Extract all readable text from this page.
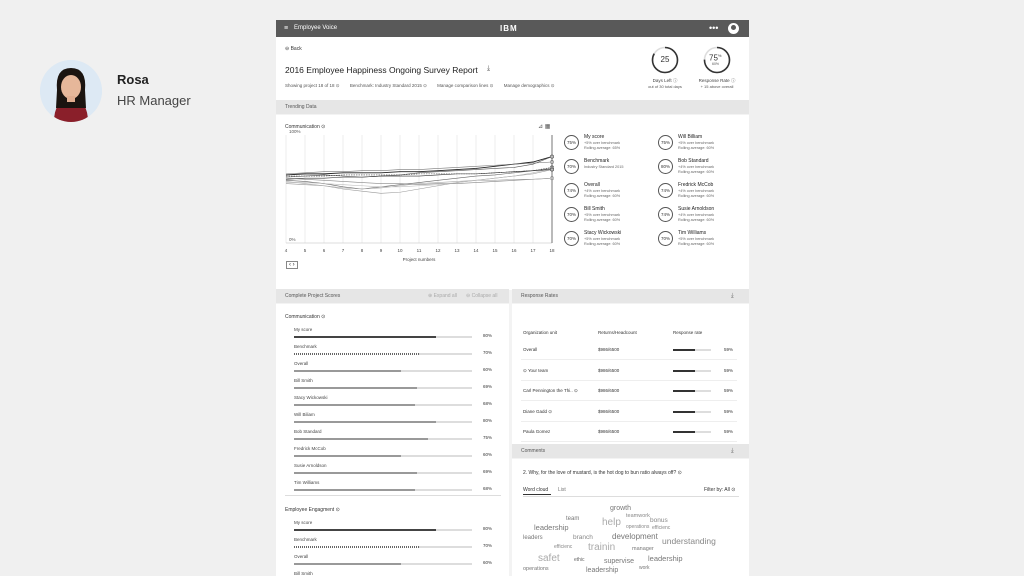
Rosa
HR Manager
≡ Employee Voice	IBM	•••
⊖ Back
2016 Employee Happiness Ongoing Survey Report ⤓
Showing project 18 of 18 ⊙ Benchmark: Industry Standard 2015 ⊙ Manage comparison lines ⊙ Manage demographics ⊙
25
Days Left ⓘ
out of 30 total days
75%
60%
Response Rate ⓘ
+ 15 above overall
Trending Data
Communication ⊙
100%
0%
4	5	6	7	8	9	10	11	12	13	14	15	16	17	18
Project numbers
⊿ ▦
‹ ›
75%
My score
+5% over benchmark
Rolling average: 65%
70%
Benchmark
Industry Standard 2015
74%
Overall
+4% over benchmark
Rolling average: 60%
70%
Bill Smith
+5% over benchmark
Rolling average: 60%
70%
Stacy Wickowski
+5% over benchmark
Rolling average: 60%
75%
Will Billiam
+5% over benchmark
Rolling average: 60%
80%
Bob Standard
+4% over benchmark
Rolling average: 60%
74%
Fredrick McCob
+4% over benchmark
Rolling average: 60%
74%
Susie Arnoldson
+4% over benchmark
Rolling average: 60%
70%
Tim Williams
+5% over benchmark
Rolling average: 60%
Complete Project Scores	⊕ Expand all ⊖ Collapse all
Communication ⊙
My score
80%
Benchmark
70%
Overall
60%
Bill Smith
69%
Stacy Wickowski
68%
Will Biliam
80%
Bob Standard
75%
Fredrick McCob
60%
Susie Arnoldson
69%
Tim Williams
68%
Employee Engagment ⊙
My score
80%
Benchmark
70%
Overall
60%
Bill Smith
Response Rates	⤓
Organization unit	Returns/Headcount	Response rate
Overall	$986/6500	59%
⊙ Your team	$986/6500	59%
Carl Pennington the Thi.. ⊙	$986/6500	59%
Diane Gadd ⊙	$986/6500	59%
Paula Gomez	$986/6500	59%
Comments	⤓
2. Why, for the love of mustard, is the hot dog to bun ratio always off? ⊙
Word cloud List	Filter by: All ⊙
growth
teamwork
team help	bonus
leadership	operations efficienc
leaders	branch development understanding
efficienc trainin	manager
safet	ethic	supervise leadership
operations	leadership	work
